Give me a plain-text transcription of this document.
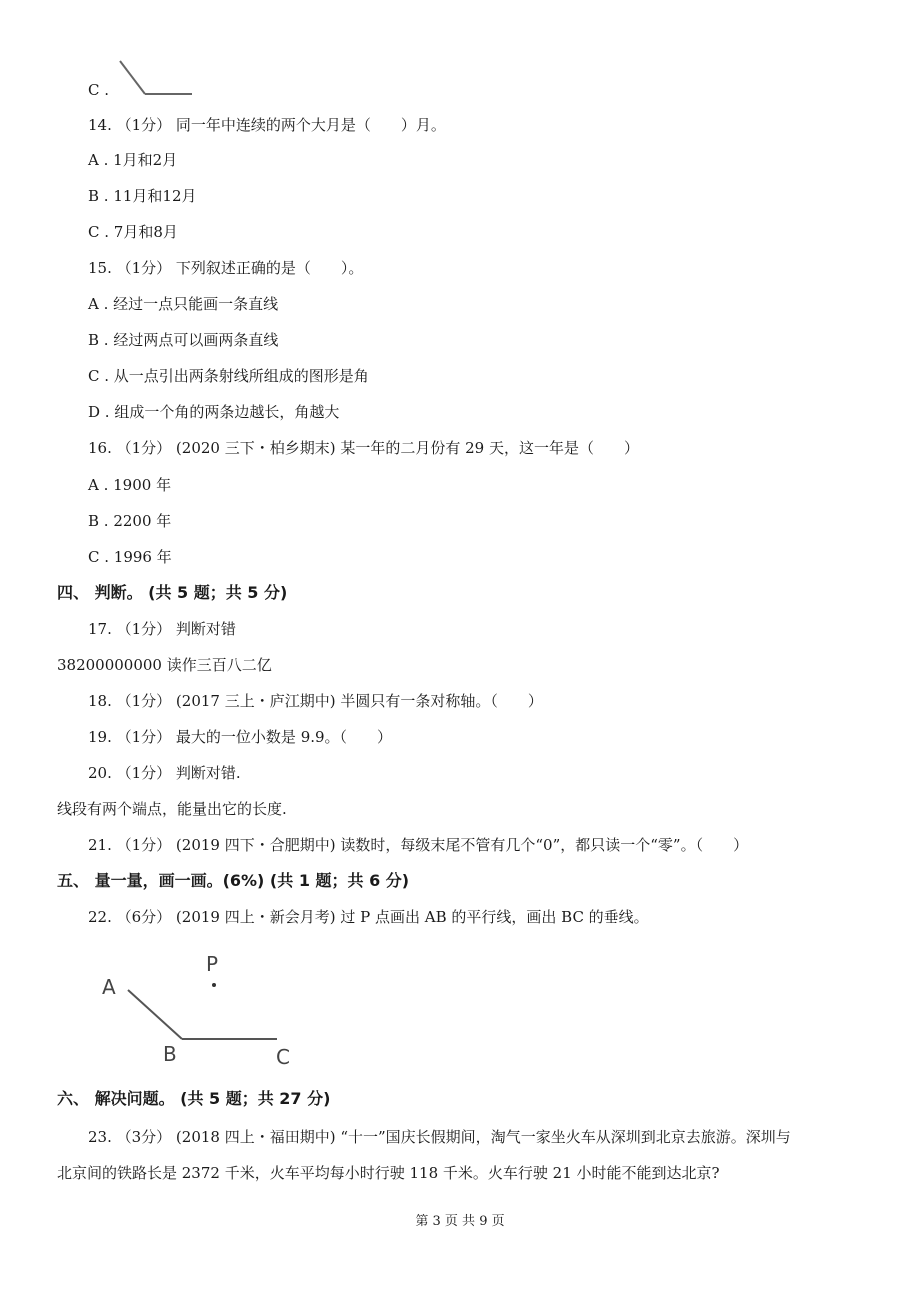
C .
14. （1分） 同一年中连续的两个大月是（　　）月。
A . 1月和2月
B . 11月和12月
C . 7月和8月
15. （1分） 下列叙述正确的是（　　）。
A . 经过一点只能画一条直线
B . 经过两点可以画两条直线
C . 从一点引出两条射线所组成的图形是角
D . 组成一个角的两条边越长，角越大
16. （1分） (2020 三下・柏乡期末) 某一年的二月份有 29 天，这一年是（　　）
A . 1900 年
B . 2200 年
C . 1996 年
四、 判断。 (共 5 题；共 5 分)
17. （1分） 判断对错
38200000000 读作三百八二亿
18. （1分） (2017 三上・庐江期中) 半圆只有一条对称轴。（　　）
19. （1分） 最大的一位小数是 9.9。（　　）
20. （1分） 判断对错.
线段有两个端点，能量出它的长度.
21. （1分） (2019 四下・合肥期中) 读数时，每级末尾不管有几个“0”，都只读一个“零”。（　　）
五、 量一量，画一画。(6%) (共 1 题；共 6 分)
22. （6分） (2019 四上・新会月考) 过 P 点画出 AB 的平行线，画出 BC 的垂线。
A
P
B	C
六、 解决问题。 (共 5 题；共 27 分)
23. （3分） (2018 四上・福田期中) “十一”国庆长假期间，淘气一家坐火车从深圳到北京去旅游。深圳与
北京间的铁路长是 2372 千米，火车平均每小时行驶 118 千米。火车行驶 21 小时能不能到达北京?
第 3 页 共 9 页
